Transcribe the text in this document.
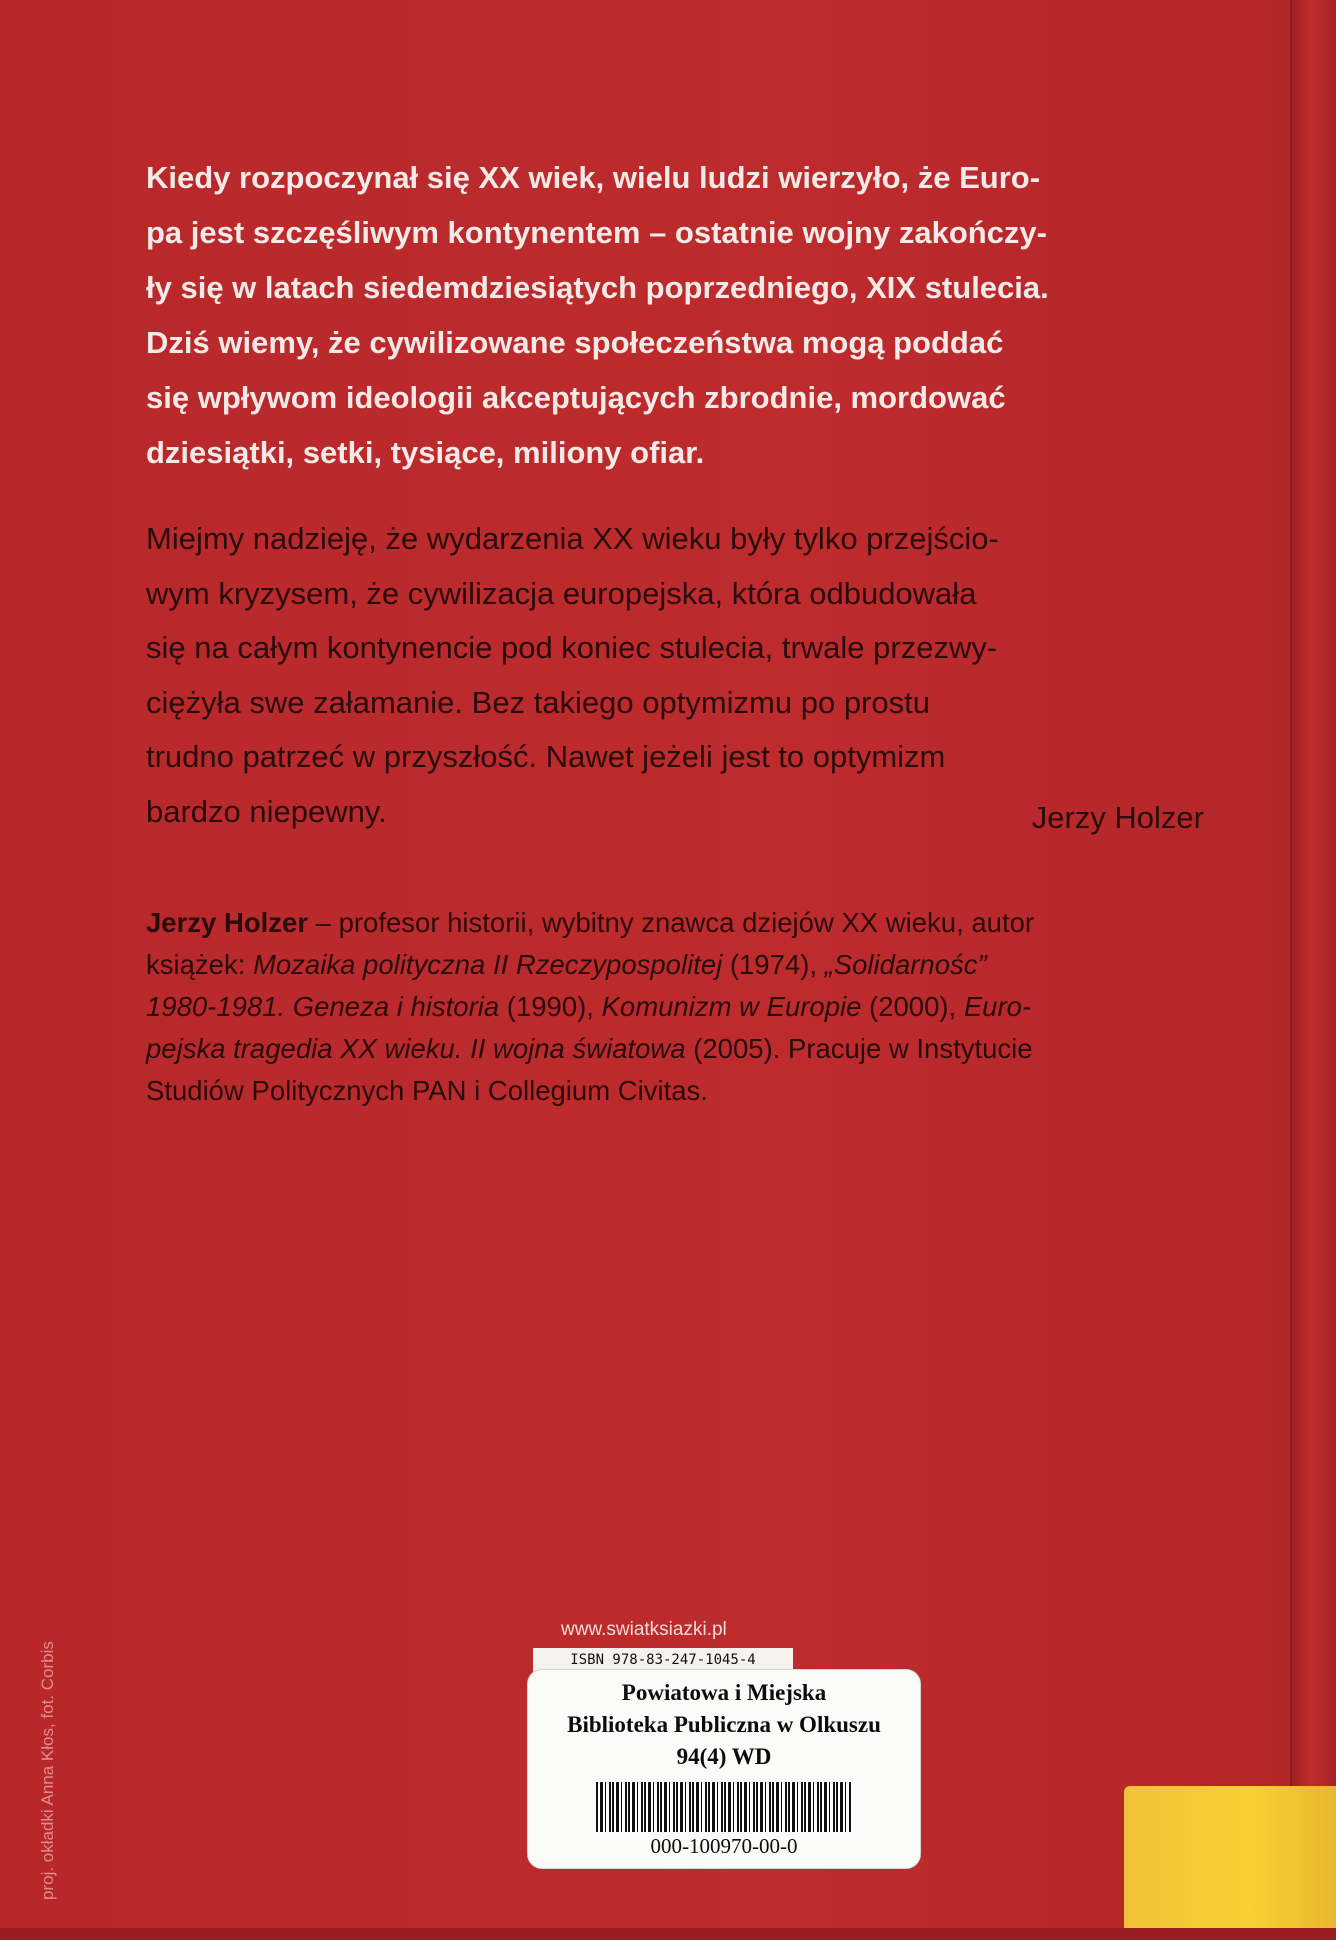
Kiedy rozpoczynał się XX wiek, wielu ludzi wierzyło, że Euro-
pa jest szczęśliwym kontynentem – ostatnie wojny zakończy-
ły się w latach siedemdziesiątych poprzedniego, XIX stulecia.
Dziś wiemy, że cywilizowane społeczeństwa mogą poddać
się wpływom ideologii akceptujących zbrodnie, mordować
dziesiątki, setki, tysiące, miliony ofiar.
Miejmy nadzieję, że wydarzenia XX wieku były tylko przejścio-
wym kryzysem, że cywilizacja europejska, która odbudowała
się na całym kontynencie pod koniec stulecia, trwale przezwy-
ciężyła swe załamanie. Bez takiego optymizmu po prostu
trudno patrzeć w przyszłość. Nawet jeżeli jest to optymizm
bardzo niepewny.	Jerzy Holzer
Jerzy Holzer – profesor historii, wybitny znawca dziejów XX wieku, autor
książek: Mozaika polityczna II Rzeczypospolitej (1974), „Solidarnośc”
1980-1981. Geneza i historia (1990), Komunizm w Europie (2000), Euro-
pejska tragedia XX wieku. II wojna światowa (2005). Pracuje w Instytucie
Studiów Politycznych PAN i Collegium Civitas.
proj. okładki Anna Kłos, fot. Corbis
www.swiatksiazki.pl
ISBN 978-83-247-1045-4
Powiatowa i Miejska
Biblioteka Publiczna w Olkuszu
94(4) WD
000-100970-00-0
